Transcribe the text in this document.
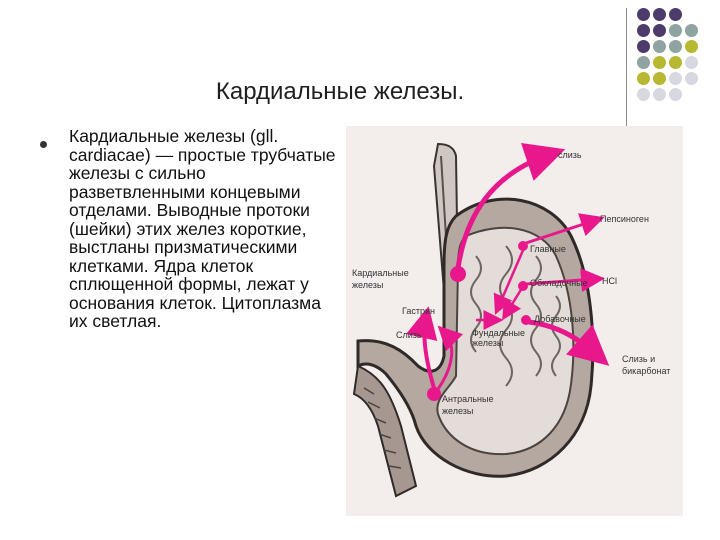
Кардиальные железы.
Кардиальные железы (gll. cardiacae) — простые трубчатые железы с сильно разветвленными концевыми отделами. Выводные протоки (шейки) этих желез короткие, выстланы призматическими клетками. Ядра клеток сплющенной формы, лежат у основания клеток. Цитоплазма их светлая.
слизь
Пепсиноген
Главные
Обкладочные HCl
Добавочные
Слизь и
бикарбонат
Фундальные
железы
Кардиальные
железы
Гастрин
Слизь
Антральные
железы
